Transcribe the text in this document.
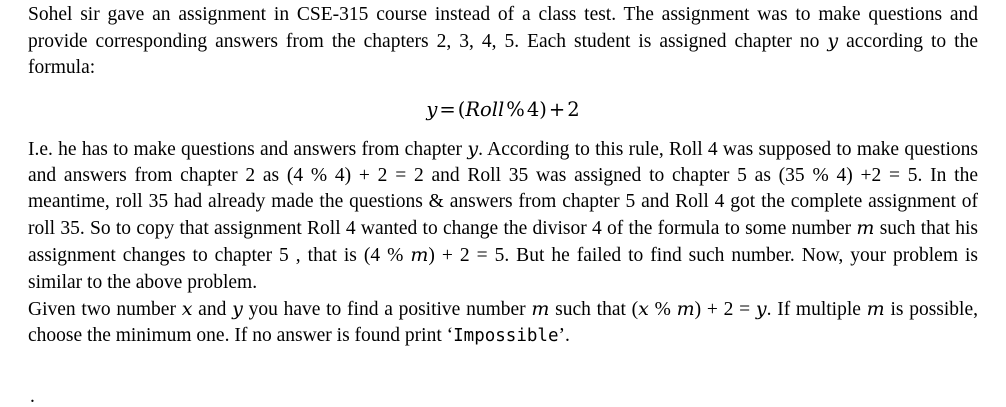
Sohel sir gave an assignment in CSE-315 course instead of a class test. The assignment was to make questions and provide corresponding answers from the chapters 2, 3, 4, 5. Each student is assigned chapter no y according to the formula:

y = (Roll % 4) + 2

I.e. he has to make questions and answers from chapter y. According to this rule, Roll 4 was supposed to make questions and answers from chapter 2 as (4 % 4) + 2 = 2 and Roll 35 was assigned to chapter 5 as (35 % 4) +2 = 5. In the meantime, roll 35 had already made the questions & answers from chapter 5 and Roll 4 got the complete assignment of roll 35. So to copy that assignment Roll 4 wanted to change the divisor 4 of the formula to some number m such that his assignment changes to chapter 5 , that is (4 % m) + 2 = 5. But he failed to find such number. Now, your problem is similar to the above problem.

Given two number x and y you have to find a positive number m such that (x % m) + 2 = y. If multiple m is possible, choose the minimum one. If no answer is found print ‘Impossible’.

.
